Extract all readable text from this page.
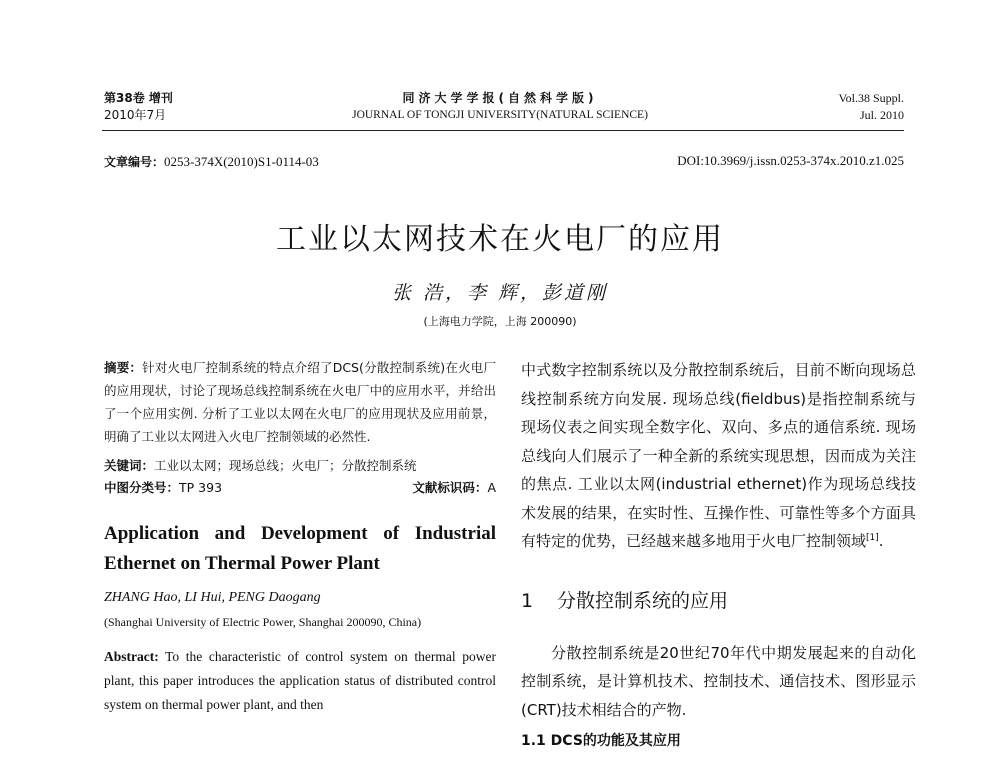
第38卷 增刊
2010年7月
同济大学学报(自然科学版)
JOURNAL OF TONGJI UNIVERSITY(NATURAL SCIENCE)
Vol.38 Suppl.
Jul. 2010
文章编号：0253-374X(2010)S1-0114-03	DOI:10.3969/j.issn.0253-374x.2010.z1.025
工业以太网技术在火电厂的应用
张 浩，李 辉，彭道刚
(上海电力学院，上海 200090)
摘要：针对火电厂控制系统的特点介绍了DCS(分散控制系统)在火电厂的应用现状，讨论了现场总线控制系统在火电厂中的应用水平，并给出了一个应用实例. 分析了工业以太网在火电厂的应用现状及应用前景，明确了工业以太网进入火电厂控制领域的必然性.
关键词：工业以太网；现场总线；火电厂；分散控制系统
中图分类号：TP 393	文献标识码：A
Application and Development of Industrial Ethernet on Thermal Power Plant
ZHANG Hao, LI Hui, PENG Daogang
(Shanghai University of Electric Power, Shanghai 200090, China)
Abstract: To the characteristic of control system on thermal power plant, this paper introduces the application status of distributed control system on thermal power plant, and then
中式数字控制系统以及分散控制系统后，目前不断向现场总线控制系统方向发展. 现场总线(fieldbus)是指控制系统与现场仪表之间实现全数字化、双向、多点的通信系统. 现场总线向人们展示了一种全新的系统实现思想，因而成为关注的焦点. 工业以太网(industrial ethernet)作为现场总线技术发展的结果，在实时性、互操作性、可靠性等多个方面具有特定的优势，已经越来越多地用于火电厂控制领域[1].
1 分散控制系统的应用
分散控制系统是20世纪70年代中期发展起来的自动化控制系统，是计算机技术、控制技术、通信技术、图形显示(CRT)技术相结合的产物.
1.1 DCS的功能及其应用
